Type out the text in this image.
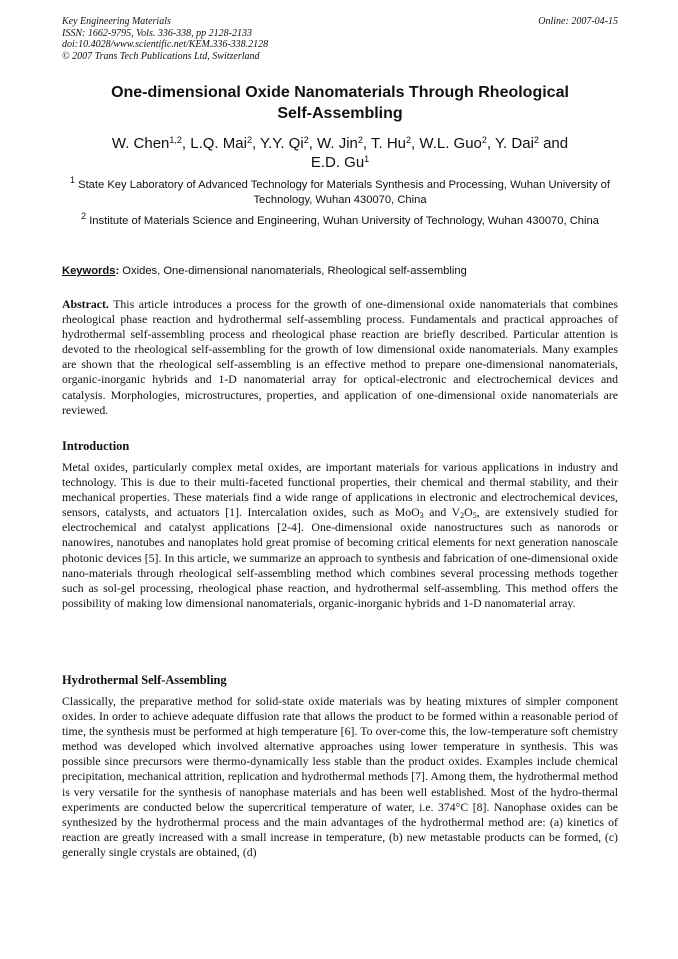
Key Engineering Materials
ISSN: 1662-9795, Vols. 336-338, pp 2128-2133
doi:10.4028/www.scientific.net/KEM.336-338.2128
© 2007 Trans Tech Publications Ltd, Switzerland
Online: 2007-04-15
One-dimensional Oxide Nanomaterials Through Rheological
Self-Assembling
W. Chen$^{1,2}$, L.Q. Mai$^2$, Y.Y. Qi$^2$, W. Jin$^2$, T. Hu$^2$, W.L. Guo$^2$, Y. Dai$^2$ and
E.D. Gu$^1$
$^1$ State Key Laboratory of Advanced Technology for Materials Synthesis and Processing, Wuhan University of Technology, Wuhan 430070, China
$^2$ Institute of Materials Science and Engineering, Wuhan University of Technology, Wuhan 430070, China
Keywords: Oxides, One-dimensional nanomaterials, Rheological self-assembling
Abstract. This article introduces a process for the growth of one-dimensional oxide nanomaterials that combines rheological phase reaction and hydrothermal self-assembling process. Fundamentals and practical approaches of hydrothermal self-assembling process and rheological phase reaction are briefly described. Particular attention is devoted to the rheological self-assembling for the growth of low dimensional oxide nanomaterials. Many examples are shown that the rheological self-assembling is an effective method to prepare one-dimensional nanomaterials, organic-inorganic hybrids and 1-D nanomaterial array for optical-electronic and electrochemical devices and catalysis. Morphologies, microstructures, properties, and application of one-dimensional oxide nanomaterials are reviewed.
Introduction
Metal oxides, particularly complex metal oxides, are important materials for various applications in industry and technology. This is due to their multi-faceted functional properties, their chemical and thermal stability, and their mechanical properties. These materials find a wide range of applications in electronic and electrochemical devices, sensors, catalysts, and actuators [1]. Intercalation oxides, such as MoO$_3$ and $V_2O_5$, are extensively studied for electrochemical and catalyst applications [2-4]. One-dimensional oxide nanostructures such as nanorods or nanowires, nanotubes and nanoplates hold great promise of becoming critical elements for next generation nanoscale photonic devices [5]. In this article, we summarize an approach to synthesis and fabrication of one-dimensional oxide nano-materials through rheological self-assembling method which combines several processing methods together such as sol-gel processing, rheological phase reaction, and hydrothermal self-assembling. This method offers the possibility of making low dimensional nanomaterials, organic-inorganic hybrids and 1-D nanomaterial array.
Hydrothermal Self-Assembling
Classically, the preparative method for solid-state oxide materials was by heating mixtures of simpler component oxides. In order to achieve adequate diffusion rate that allows the product to be formed within a reasonable period of time, the synthesis must be performed at high temperature [6]. To over-come this, the low-temperature soft chemistry method was developed which involved alternative approaches using lower temperature in synthesis. This was possible since precursors were thermo-dynamically less stable than the product oxides. Examples include chemical precipitation, mechanical attrition, replication and hydrothermal methods [7]. Among them, the hydrothermal method is very versatile for the synthesis of nanophase materials and has been well established. Most of the hydro-thermal experiments are conducted below the supercritical temperature of water, i.e. 374°C [8]. Nanophase oxides can be synthesized by the hydrothermal process and the main advantages of the hydrothermal method are: (a) kinetics of reaction are greatly increased with a small increase in temperature, (b) new metastable products can be formed, (c) generally single crystals are obtained, (d)
